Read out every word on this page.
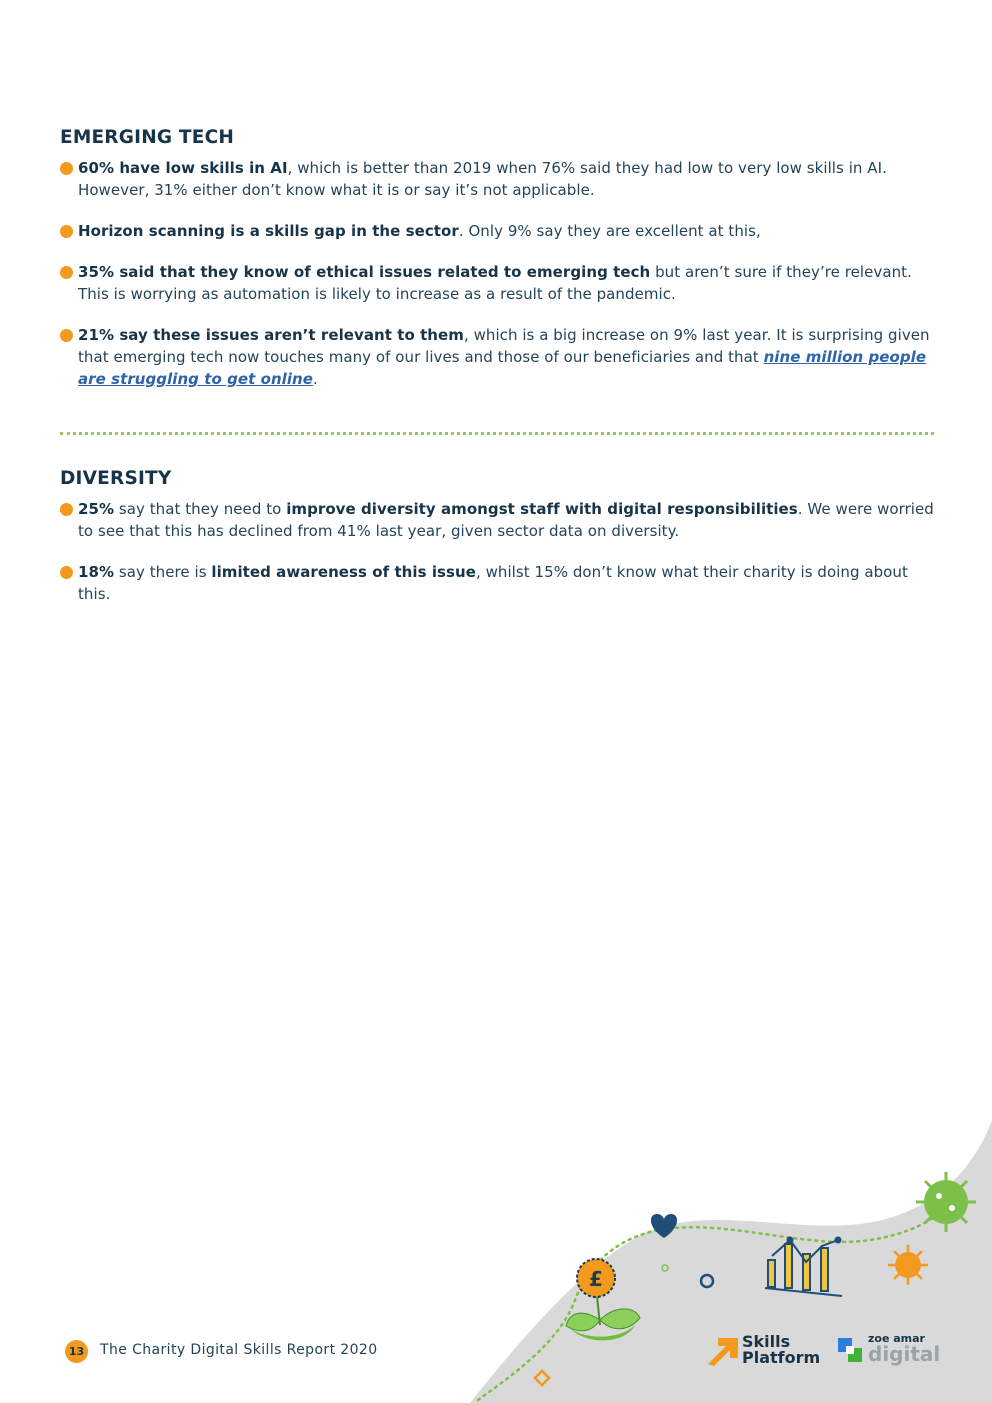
EMERGING TECH
60% have low skills in AI, which is better than 2019 when 76% said they had low to very low skills in AI. However, 31% either don’t know what it is or say it’s not applicable.
Horizon scanning is a skills gap in the sector. Only 9% say they are excellent at this,
35% said that they know of ethical issues related to emerging tech but aren’t sure if they’re relevant. This is worrying as automation is likely to increase as a result of the pandemic.
21% say these issues aren’t relevant to them, which is a big increase on 9% last year. It is surprising given that emerging tech now touches many of our lives and those of our beneficiaries and that nine million people are struggling to get online.
DIVERSITY
25% say that they need to improve diversity amongst staff with digital responsibilities. We were worried to see that this has declined from 41% last year, given sector data on diversity.
18% say there is limited awareness of this issue, whilst 15% don’t know what their charity is doing about this.
£
13 The Charity Digital Skills Report 2020	Skills
Platform
zoe amar
digital
